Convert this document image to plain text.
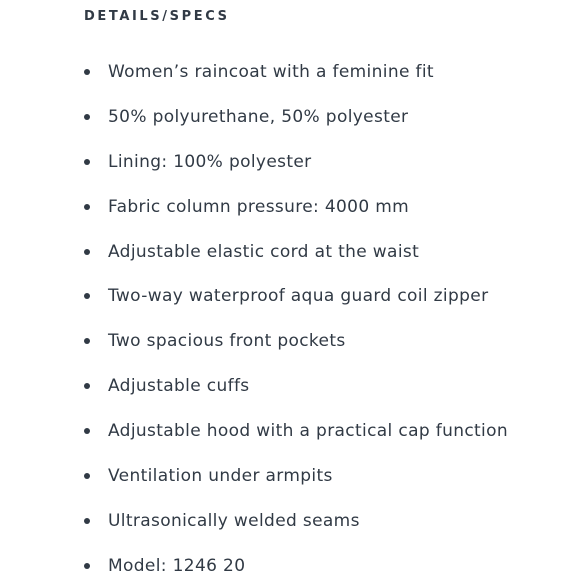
DETAILS/SPECS
Women’s raincoat with a feminine fit
50% polyurethane, 50% polyester
Lining: 100% polyester
Fabric column pressure: 4000 mm
Adjustable elastic cord at the waist
Two-way waterproof aqua guard coil zipper
Two spacious front pockets
Adjustable cuffs
Adjustable hood with a practical cap function
Ventilation under armpits
Ultrasonically welded seams
Model: 1246 20
